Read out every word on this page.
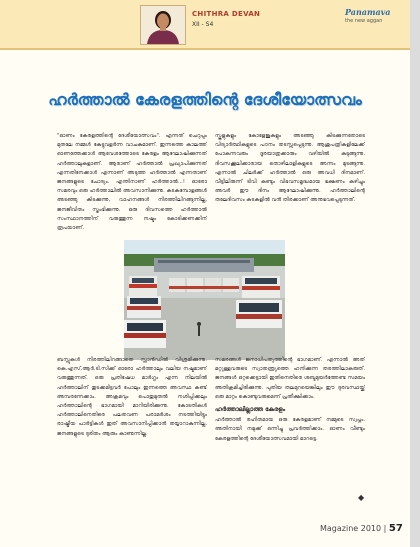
CHITHRA DEVAN
XII - S4
Panamava
the new aggan
ഹർത്താൽ കേരളത്തിന്റെ ദേശീയോത്സവം
"ഓണം കേരളത്തിന്റെ ദേശീയോത്സവം". എന്നത് ചെറുപ്പം മുതലേ നമ്മൾ കേട്ടുവളർന്ന വാചകമാണ്. ഇന്നത്തെ കാലത്ത് ഓണത്തേക്കാൾ ആവേശത്തോടെ കേരളം ആഘോഷിക്കുന്നത് ഹർത്താലുകളാണ്. ആരാണ് ഹർത്താൽ പ്രഖ്യാപിക്കുന്നത് എന്നതിനേക്കാൾ എന്നാണ് അടുത്ത ഹർത്താൽ എന്നതാണ് ജനങ്ങളുടെ ചോദ്യം. എന്തിനാണ് ഹർത്താൽ...! ഓരോ സമരവും ഒരു ഹർത്താലിൽ അവസാനിക്കുന്നു. കടകമ്പോളങ്ങൾ അടഞ്ഞു കിടക്കുന്നു, വാഹനങ്ങൾ നിരത്തിലിറങ്ങുന്നില്ല, ജനജീവിതം സ്തംഭിക്കുന്നു. ഒരു ദിവസത്തെ ഹർത്താൽ സംസ്ഥാനത്തിന് വരുത്തുന്ന നഷ്ടം കോടിക്കണക്കിന് രൂപയാണ്.
സ്കൂളുകളും കോളേജുകളും അടഞ്ഞു കിടക്കുന്നതോടെ വിദ്യാർത്ഥികളുടെ പഠനം തടസ്സപ്പെടുന്നു. ആശുപത്രികളിലേക്ക് പോകുന്നവരും ദൂരയാത്രക്കാരും വഴിയിൽ കുടുങ്ങുന്നു. ദിവസക്കൂലിക്കാരായ തൊഴിലാളികളുടെ അന്നം മുടങ്ങുന്നു. എന്നാൽ ചിലർക്ക് ഹർത്താൽ ഒരു അവധി ദിനമാണ്. വീട്ടിലിരുന്ന് ടിവി കണ്ടും വിഭവസമൃദ്ധമായ ഭക്ഷണം കഴിച്ചും അവർ ഈ ദിനം ആഘോഷിക്കുന്നു. ഹർത്താലിന്റെ തലേദിവസം കടകളിൽ വൻ തിരക്കാണ് അനുഭവപ്പെടുന്നത്.
ബസ്സുകൾ നിരത്തിലിറങ്ങാതെ സ്റ്റാൻഡിൽ വിശ്രമിക്കുന്നു. കെ.എസ്.ആർ.ടി.സിക്ക് ഓരോ ഹർത്താലും വലിയ നഷ്ടമാണ് വരുത്തുന്നത്. ഒരു പ്രതിഷേധ മാർഗ്ഗം എന്ന നിലയിൽ ഹർത്താലിന് തുടക്കമിട്ടവർ പോലും ഇന്നത്തെ അവസ്ഥ കണ്ട് അമ്പരന്നേക്കാം. അക്രമവും പൊതുമുതൽ നശിപ്പിക്കലും ഹർത്താലിന്റെ ഭാഗമായി മാറിയിരിക്കുന്നു. കോടതികൾ ഹർത്താലിനെതിരെ പലതവണ പരാമർശം നടത്തിയിട്ടും രാഷ്ട്രീയ പാർട്ടികൾ ഇത് അവസാനിപ്പിക്കാൻ തയ്യാറാകുന്നില്ല. ജനങ്ങളുടെ ദുരിതം ആരും കാണുന്നില്ല.
സമരങ്ങൾ ജനാധിപത്യത്തിന്റെ ഭാഗമാണ്. എന്നാൽ അത് മറ്റുള്ളവരുടെ സ്വാതന്ത്ര്യത്തെ ഹനിക്കുന്ന തരത്തിലാകരുത്. ജനങ്ങൾ ഒറ്റക്കെട്ടായി ഇതിനെതിരെ ശബ്ദമുയർത്തേണ്ട സമയം അതിക്രമിച്ചിരിക്കുന്നു. പുതിയ തലമുറയെങ്കിലും ഈ ദുരവസ്ഥയ്ക്ക് ഒരു മാറ്റം കൊണ്ടുവരുമെന്ന് പ്രതീക്ഷിക്കാം.
ഹർത്താലില്ലാത്ത കേരളം
ഹർത്താൽ രഹിതമായ ഒരു കേരളമാണ് നമ്മുടെ സ്വപ്നം. അതിനായി നമുക്ക് ഒന്നിച്ചു പ്രവർത്തിക്കാം. ഓണം വീണ്ടും കേരളത്തിന്റെ ദേശീയോത്സവമായി മാറട്ടെ.
◆
Magazine 2010 | 57
